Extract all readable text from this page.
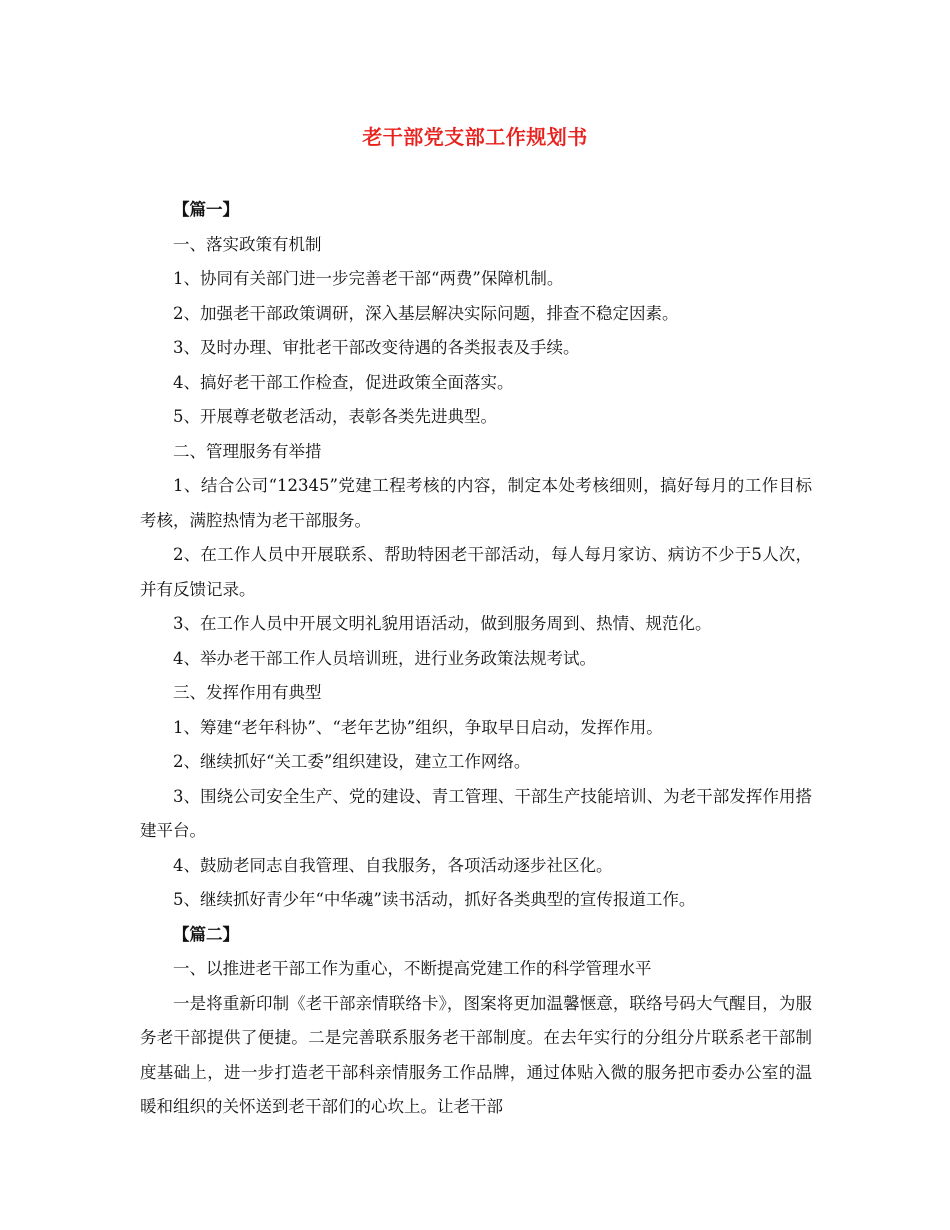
老干部党支部工作规划书

【篇一】

一、落实政策有机制

1、协同有关部门进一步完善老干部“两费”保障机制。

2、加强老干部政策调研，深入基层解决实际问题，排查不稳定因素。

3、及时办理、审批老干部改变待遇的各类报表及手续。

4、搞好老干部工作检查，促进政策全面落实。

5、开展尊老敬老活动，表彰各类先进典型。

二、管理服务有举措

1、结合公司“12345”党建工程考核的内容，制定本处考核细则，搞好每月的工作目标考核，满腔热情为老干部服务。

2、在工作人员中开展联系、帮助特困老干部活动，每人每月家访、病访不少于5人次，并有反馈记录。

3、在工作人员中开展文明礼貌用语活动，做到服务周到、热情、规范化。

4、举办老干部工作人员培训班，进行业务政策法规考试。

三、发挥作用有典型

1、筹建“老年科协”、“老年艺协”组织，争取早日启动，发挥作用。

2、继续抓好“关工委”组织建设，建立工作网络。

3、围绕公司安全生产、党的建设、青工管理、干部生产技能培训、为老干部发挥作用搭建平台。

4、鼓励老同志自我管理、自我服务，各项活动逐步社区化。

5、继续抓好青少年“中华魂”读书活动，抓好各类典型的宣传报道工作。

【篇二】

一、以推进老干部工作为重心，不断提高党建工作的科学管理水平

一是将重新印制《老干部亲情联络卡》，图案将更加温馨惬意，联络号码大气醒目，为服务老干部提供了便捷。二是完善联系服务老干部制度。在去年实行的分组分片联系老干部制度基础上，进一步打造老干部科亲情服务工作品牌，通过体贴入微的服务把市委办公室的温暖和组织的关怀送到老干部们的心坎上。让老干部
